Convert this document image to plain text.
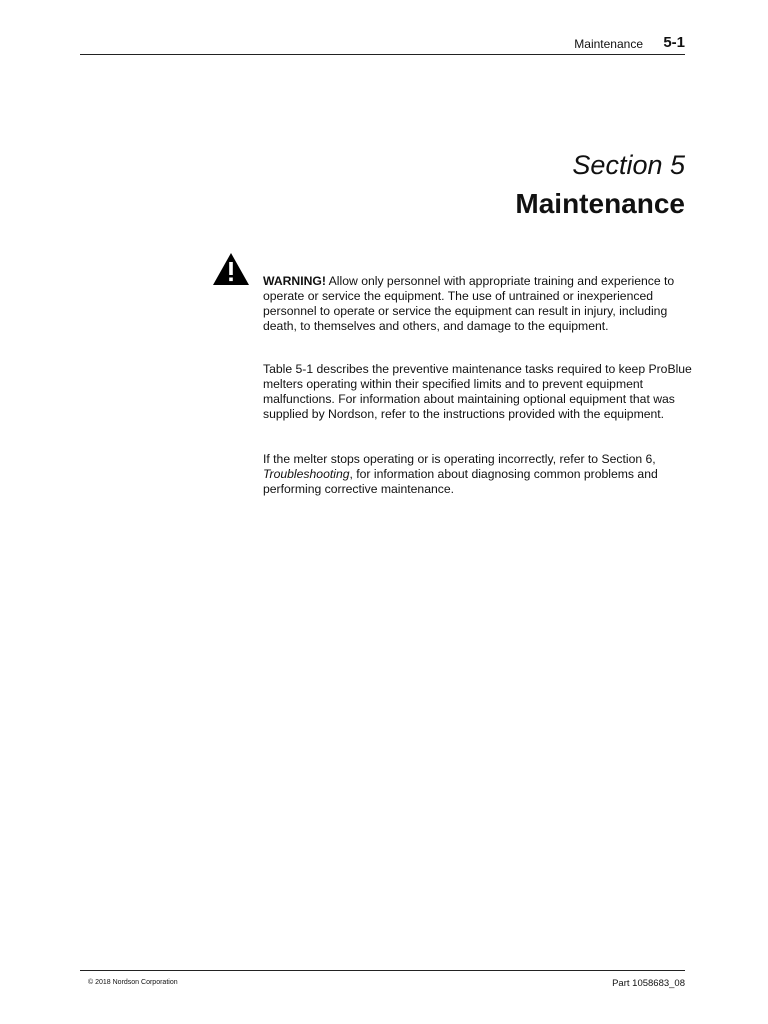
Maintenance 5-1
Section 5
Maintenance

WARNING! Allow only personnel with appropriate training and experience to operate or service the equipment. The use of untrained or inexperienced personnel to operate or service the equipment can result in injury, including death, to themselves and others, and damage to the equipment.

Table 5-1 describes the preventive maintenance tasks required to keep ProBlue melters operating within their specified limits and to prevent equipment malfunctions. For information about maintaining optional equipment that was supplied by Nordson, refer to the instructions provided with the equipment.

If the melter stops operating or is operating incorrectly, refer to Section 6, Troubleshooting, for information about diagnosing common problems and performing corrective maintenance.

© 2018 Nordson Corporation	Part 1058683_08
